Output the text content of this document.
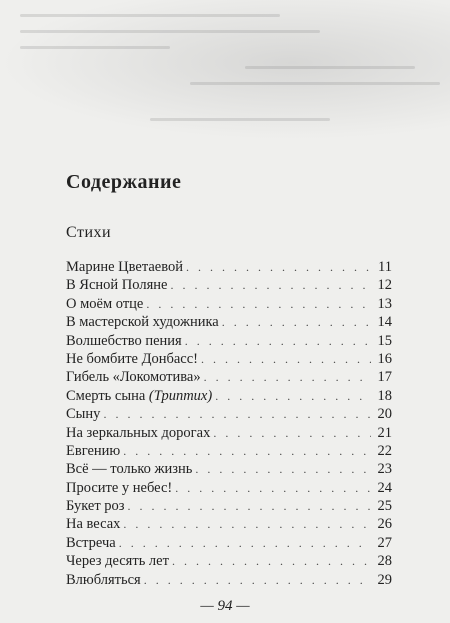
Содержание
Стихи
Марине Цветаевой . . .	11
В Ясной Поляне . . .	12
О моём отце . . .	13
В мастерской художника . . .	14
Волшебство пения . . .	15
Не бомбите Донбасс! . . .	16
Гибель «Локомотива» . . .	17
Смерть сына (Триптих) . . .	18
Сыну . . .	20
На зеркальных дорогах . . .	21
Евгению . . .	22
Всё — только жизнь . . .	23
Просите у небес! . . .	24
Букет роз . . .	25
На весах . . .	26
Встреча . . .	27
Через десять лет . . .	28
Влюбляться . . .	29
— 94 —
